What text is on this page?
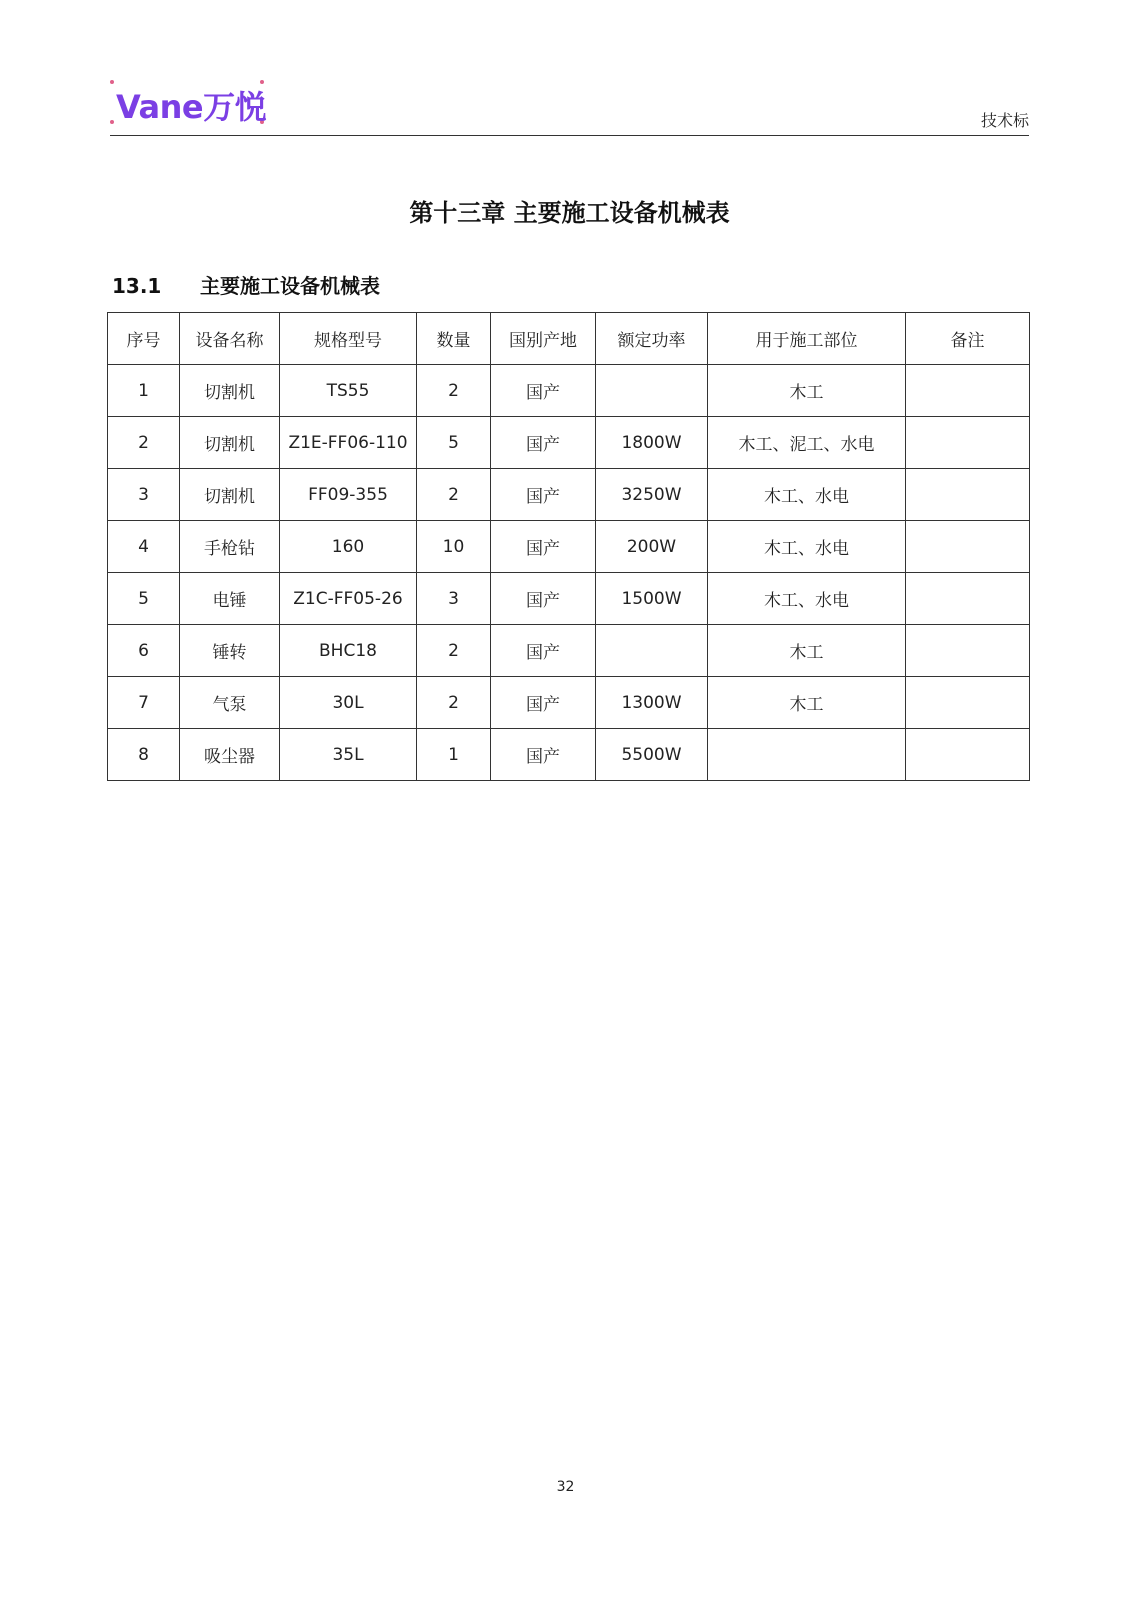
Vane万悦	技术标
第十三章 主要施工设备机械表
13.1 主要施工设备机械表
序号	设备名称	规格型号	数量	国别产地	额定功率	用于施工部位	备注
1	切割机	TS55	2	国产		木工	
2	切割机	Z1E-FF06-110	5	国产	1800W	木工、泥工、水电	
3	切割机	FF09-355	2	国产	3250W	木工、水电	
4	手枪钻	160	10	国产	200W	木工、水电	
5	电锤	Z1C-FF05-26	3	国产	1500W	木工、水电	
6	锤转	BHC18	2	国产		木工	
7	气泵	30L	2	国产	1300W	木工	
8	吸尘器	35L	1	国产	5500W		
32
